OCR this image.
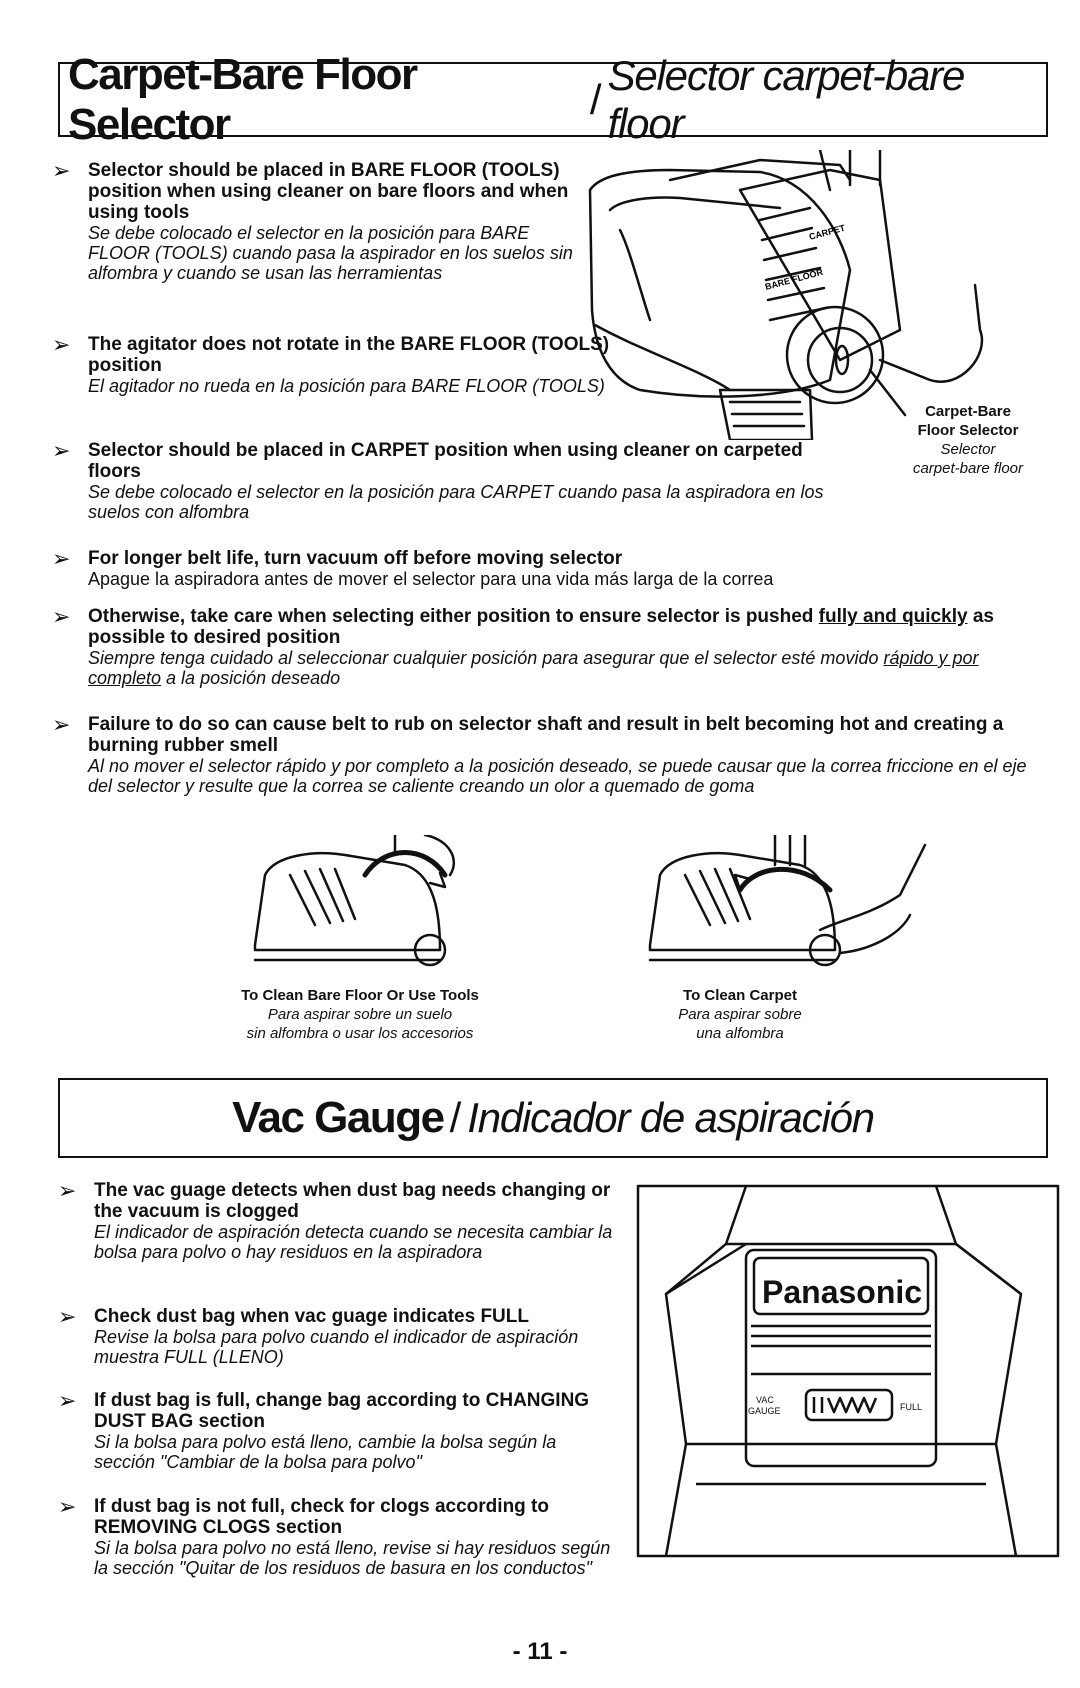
Carpet-Bare Floor Selector
/
Selector carpet-bare floor
➢ Selector should be placed in BARE FLOOR (TOOLS) position when using cleaner on bare floors and when using tools
Se debe colocado el selector en la posición para BARE FLOOR (TOOLS) cuando pasa la aspirador en los suelos sin alfombra y cuando se usan las herramientas
➢ The agitator does not rotate in the BARE FLOOR (TOOLS) position
El agitador no rueda en la posición para BARE FLOOR (TOOLS)
➢ Selector should be placed in CARPET position when using cleaner on carpeted floors
Se debe colocado el selector en la posición para CARPET cuando pasa la aspiradora en los suelos con alfombra
➢ For longer belt life, turn vacuum off before moving selector
Apague la aspiradora antes de mover el selector para una vida más larga de la correa
➢ Otherwise, take care when selecting either position to ensure selector is pushed fully and quickly as possible to desired position
Siempre tenga cuidado al seleccionar cualquier posición para asegurar que el selector esté movido rápido y por completo a la posición deseado
➢ Failure to do so can cause belt to rub on selector shaft and result in belt becoming hot and creating a burning rubber smell
Al no mover el selector rápido y por completo a la posición deseado, se puede causar que la correa friccione en el eje del selector y resulte que la correa se caliente creando un olor a quemado de goma
CARPET
BARE FLOOR
Carpet-Bare
Floor Selector
Selector
carpet-bare floor
To Clean Bare Floor Or Use Tools
Para aspirar sobre un suelo
sin alfombra o usar los accesorios
To Clean Carpet
Para aspirar sobre
una alfombra
Vac Gauge / Indicador de aspiración
➢ The vac guage detects when dust bag needs changing or the vacuum is clogged
El indicador de aspiración detecta cuando se necesita cambiar la bolsa para polvo o hay residuos en la aspiradora
➢ Check dust bag when vac guage indicates FULL
Revise la bolsa para polvo cuando el indicador de aspiración muestra FULL (LLENO)
➢ If dust bag is full, change bag according to CHANGING DUST BAG section
Si la bolsa para polvo está lleno, cambie la bolsa según la sección "Cambiar de la bolsa para polvo"
➢ If dust bag is not full, check for clogs according to REMOVING CLOGS section
Si la bolsa para polvo no está lleno, revise si hay residuos según la sección "Quitar de los residuos de basura en los conductos"
Panasonic
VAC
GAUGE	FULL
- 11 -
